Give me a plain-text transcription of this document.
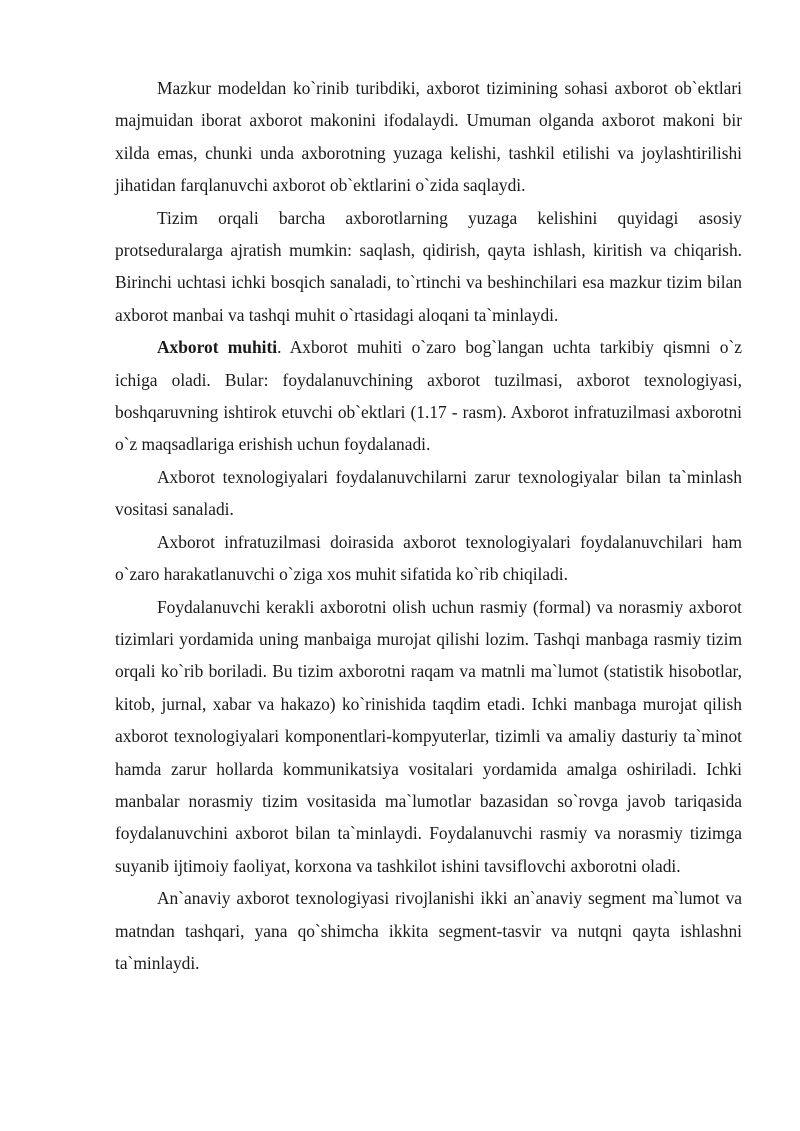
Mazkur modeldan ko`rinib turibdiki, axborot tizimining sohasi axborot ob`ektlari majmuidan iborat axborot makonini ifodalaydi. Umuman olganda axborot makoni bir xilda emas, chunki unda axborotning yuzaga kelishi, tashkil etilishi va joylashtirilishi jihatidan farqlanuvchi axborot ob`ektlarini o`zida saqlaydi.

Tizim orqali barcha axborotlarning yuzaga kelishini quyidagi asosiy protseduralarga ajratish mumkin: saqlash, qidirish, qayta ishlash, kiritish va chiqarish. Birinchi uchtasi ichki bosqich sanaladi, to`rtinchi va beshinchilari esa mazkur tizim bilan axborot manbai va tashqi muhit o`rtasidagi aloqani ta`minlaydi.

Axborot muhiti. Axborot muhiti o`zaro bog`langan uchta tarkibiy qismni o`z ichiga oladi. Bular: foydalanuvchining axborot tuzilmasi, axborot texnologiyasi, boshqaruvning ishtirok etuvchi ob`ektlari (1.17 - rasm). Axborot infratuzilmasi axborotni o`z maqsadlariga erishish uchun foydalanadi.

Axborot texnologiyalari foydalanuvchilarni zarur texnologiyalar bilan ta`minlash vositasi sanaladi.

Axborot infratuzilmasi doirasida axborot texnologiyalari foydalanuvchilari ham o`zaro harakatlanuvchi o`ziga xos muhit sifatida ko`rib chiqiladi.

Foydalanuvchi kerakli axborotni olish uchun rasmiy (formal) va norasmiy axborot tizimlari yordamida uning manbaiga murojat qilishi lozim. Tashqi manbaga rasmiy tizim orqali ko`rib boriladi. Bu tizim axborotni raqam va matnli ma`lumot (statistik hisobotlar, kitob, jurnal, xabar va hakazo) ko`rinishida taqdim etadi. Ichki manbaga murojat qilish axborot texnologiyalari komponentlari-kompyuterlar, tizimli va amaliy dasturiy ta`minot hamda zarur hollarda kommunikatsiya vositalari yordamida amalga oshiriladi. Ichki manbalar norasmiy tizim vositasida ma`lumotlar bazasidan so`rovga javob tariqasida foydalanuvchini axborot bilan ta`minlaydi. Foydalanuvchi rasmiy va norasmiy tizimga suyanib ijtimoiy faoliyat, korxona va tashkilot ishini tavsiflovchi axborotni oladi.

An`anaviy axborot texnologiyasi rivojlanishi ikki an`anaviy segment ma`lumot va matndan tashqari, yana qo`shimcha ikkita segment-tasvir va nutqni qayta ishlashni ta`minlaydi.
